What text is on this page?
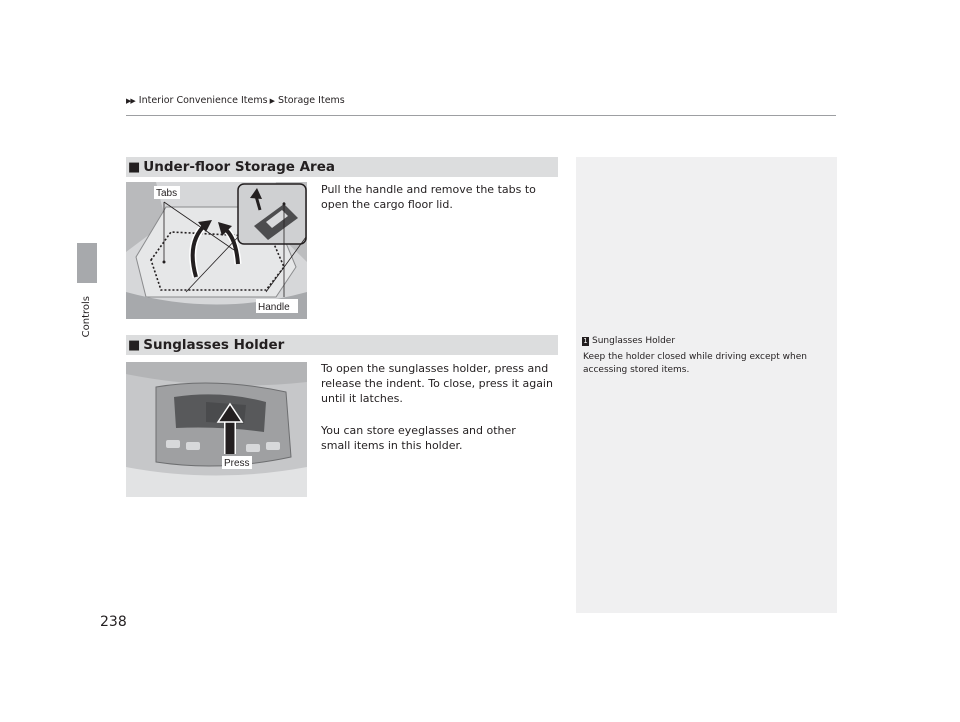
▶▶ Interior Convenience Items ▶ Storage Items
Controls
■ Under-floor Storage Area
Tabs
Handle
Pull the handle and remove the tabs to open the cargo floor lid.
■ Sunglasses Holder
Press
To open the sunglasses holder, press and release the indent. To close, press it again until it latches.
You can store eyeglasses and other small items in this holder.
1 Sunglasses Holder
Keep the holder closed while driving except when accessing stored items.
238
